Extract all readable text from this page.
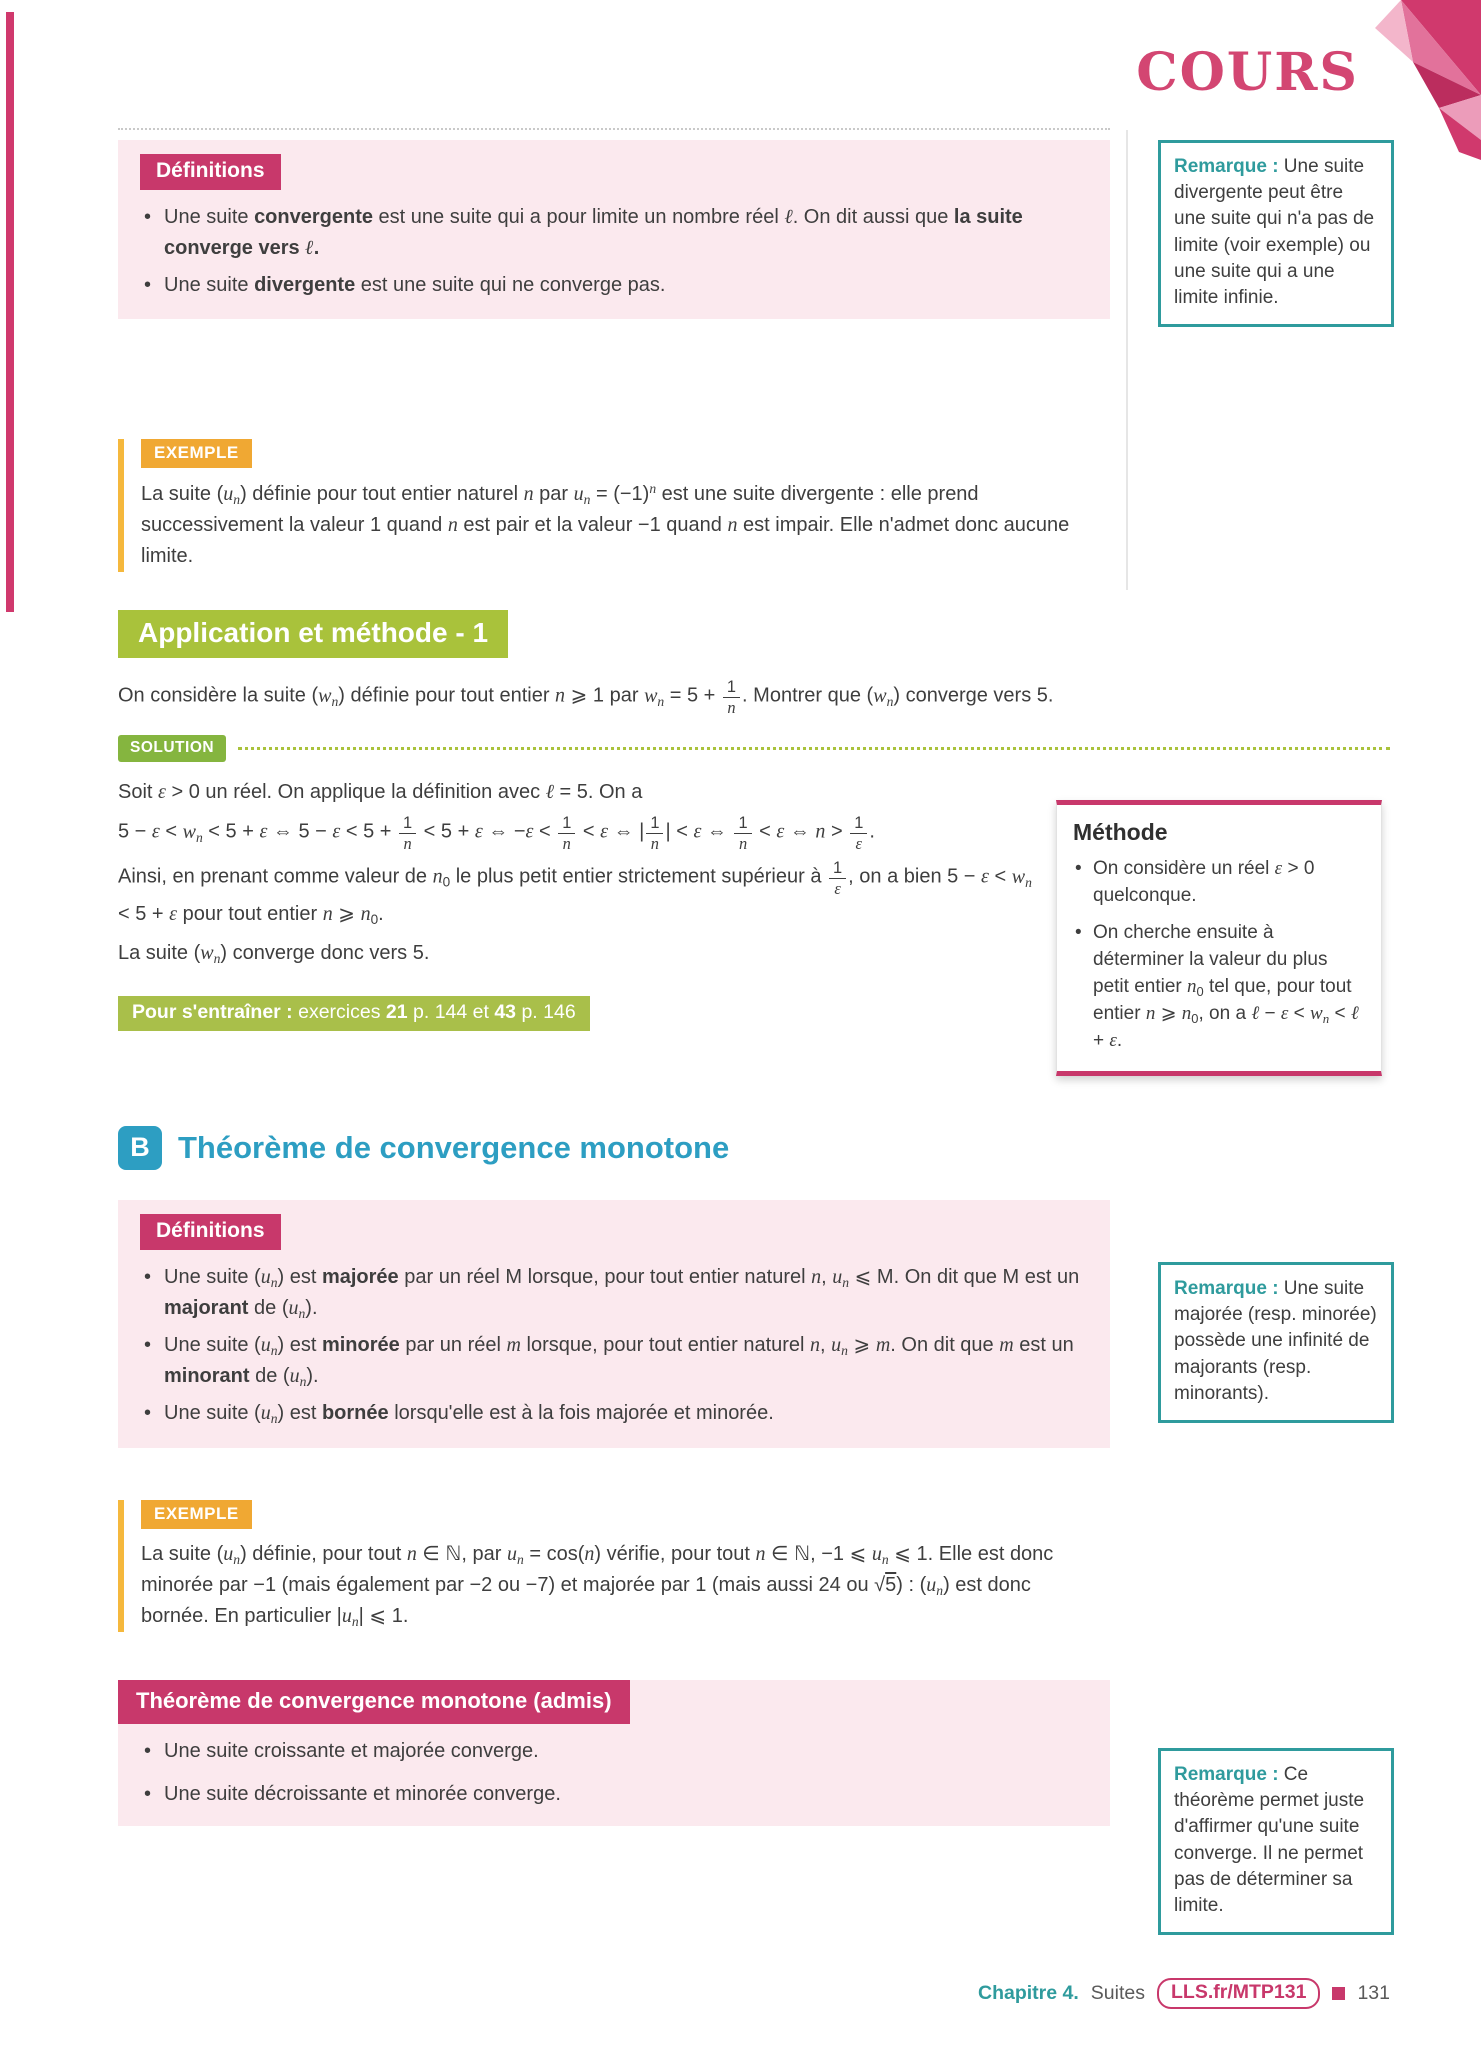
COURS
Définitions
• Une suite convergente est une suite qui a pour limite un nombre réel ℓ. On dit aussi que la suite converge vers ℓ.
• Une suite divergente est une suite qui ne converge pas.
EXEMPLE

La suite $(u_n)$ définie pour tout entier naturel n par $u_n = (-1)^n$ est une suite divergente : elle prend successivement la valeur 1 quand n est pair et la valeur −1 quand n est impair. Elle n'admet donc aucune limite.

Application et méthode - 1
On considère la suite $(w_n)$ définie pour tout entier n ⩾ 1 par $w_n = 5 + \frac{1}{n}$ . Montrer que $(w_n)$ converge vers 5.
SOLUTION

Soit ε > 0 un réel. On applique la définition avec ℓ = 5. On a

$5 - \varepsilon < w_n < 5 + \varepsilon$ ⇔ $5 - \varepsilon < 5 + \frac{1}{n} < 5 + \varepsilon$ ⇔ $-\varepsilon < \frac{1}{n} < \varepsilon$ ⇔ | $\frac{1}{n}$ | < ε ⇔ $\frac{1}{n} < \varepsilon$ ⇔ $n > \frac{1}{\varepsilon}$ .

Ainsi, en prenant comme valeur de $n_0$ le plus petit entier strictement supérieur à $\frac{1}{\varepsilon}$ , on a bien $5 - \varepsilon < w_n < 5 + \varepsilon$ pour tout entier n ⩾ $n_0$.

La suite $(w_n)$ converge donc vers 5.

Pour s'entraîner : exercices 21 p. 144 et 43 p. 146
B Théorème de convergence monotone
Définitions
• Une suite $(u_n)$ est majorée par un réel M lorsque, pour tout entier naturel n, $u_n$ ⩽ M. On dit que M est un majorant de $(u_n)$.
• Une suite $(u_n)$ est minorée par un réel m lorsque, pour tout entier naturel n, $u_n$ ⩾ m. On dit que m est un minorant de $(u_n)$.
• Une suite $(u_n)$ est bornée lorsqu'elle est à la fois majorée et minorée.
EXEMPLE

La suite $(u_n)$ définie, pour tout n ∈ ℕ, par $u_n = \cos(n)$ vérifie, pour tout n ∈ ℕ, −1 ⩽ $u_n$ ⩽ 1. Elle est donc minorée par −1 (mais également par −2 ou −7) et majorée par 1 (mais aussi 24 ou √5) : $(u_n)$ est donc bornée. En particulier $|u_n|$ ⩽ 1.

Théorème de convergence monotone (admis)
• Une suite croissante et majorée converge.
• Une suite décroissante et minorée converge.
Remarque : Une suite divergente peut être une suite qui n'a pas de limite (voir exemple) ou une suite qui a une limite infinie.
Méthode
• On considère un réel ε > 0 quelconque.
• On cherche ensuite à déterminer la valeur du plus petit entier $n_0$ tel que, pour tout entier n ⩾ $n_0$, on a ℓ − $\varepsilon < w_n$ < ℓ + ε.
Remarque : Une suite majorée (resp. minorée) possède une infinité de majorants (resp. minorants).
Remarque : Ce théorème permet juste d'affirmer qu'une suite converge. Il ne permet pas de déterminer sa limite.
Chapitre 4. Suites	LLS.fr/MTP131	131
